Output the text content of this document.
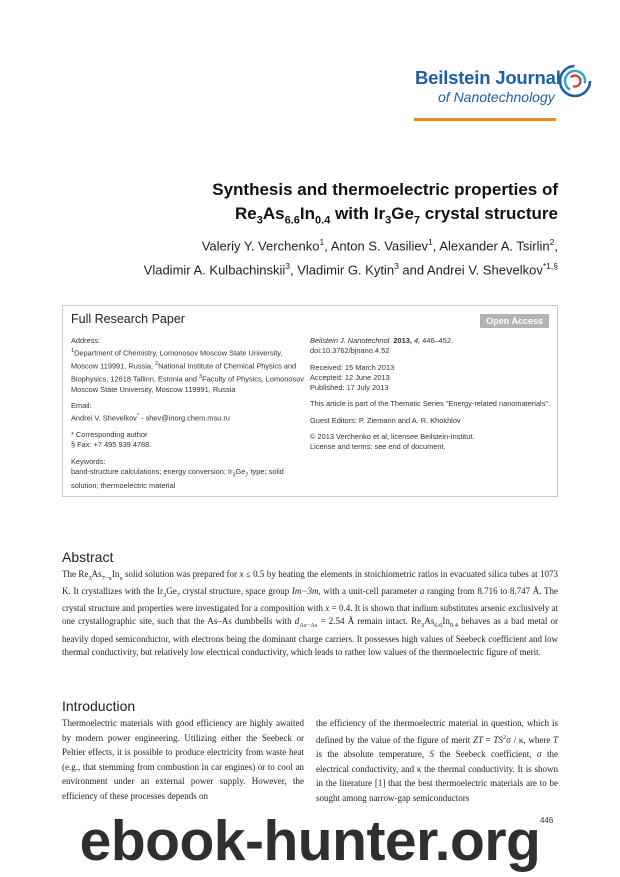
Beilstein Journal
of Nanotechnology
Synthesis and thermoelectric properties of
$Re_3As_{6.6}In_{0.4}$ with $Ir_3Ge_7$ crystal structure
Valeriy Y. Verchenko$^1$, Anton S. Vasiliev$^1$, Alexander A. Tsirlin$^2$,
Vladimir A. Kulbachinskii$^3$, Vladimir G. Kytin$^3$ and Andrei V. Shevelkov$^{*1,\S}$
Full Research Paper	Open Access

Address:
$^1$Department of Chemistry, Lomonosov Moscow State University, Moscow 119991, Russia, $^2$National Institute of Chemical Physics and Biophysics, 12618 Tallinn, Estonia and $^3$Faculty of Physics, Lomonosov Moscow State University, Moscow 119991, Russia

Email:
Andrei V. Shevelkov* - shev@inorg.chem.msu.ru

* Corresponding author
§ Fax: +7 495 939 4788.

Keywords:
band-structure calculations; energy conversion; $Ir_3Ge_7$ type; solid solution; thermoelectric material

Beilstein J. Nanotechnol. 2013, 4, 446–452.
doi:10.3762/bjnano.4.52

Received: 15 March 2013
Accepted: 12 June 2013
Published: 17 July 2013

This article is part of the Thematic Series "Energy-related nanomaterials".

Guest Editors: P. Ziemann and A. R. Khokhlov

© 2013 Verchenko et al; licensee Beilstein-Institut.
License and terms: see end of document.

Abstract
The $Re_3As_{7-x}In_x$ solid solution was prepared for x ≤ 0.5 by heating the elements in stoichiometric ratios in evacuated silica tubes at 1073 K. It crystallizes with the $Ir_3Ge_7$ crystal structure, space group Im−3m, with a unit-cell parameter a ranging from 8.716 to 8.747 Å. The crystal structure and properties were investigated for a composition with x = 0.4. It is shown that indium substitutes arsenic exclusively at one crystallographic site, such that the As–As dumbbells with $d_{As-As} = 2.54$ Å remain intact. $Re_3As_{6.6}In_{0.4}$ behaves as a bad metal or heavily doped semiconductor, with electrons being the dominant charge carriers. It possesses high values of Seebeck coefficient and low thermal conductivity, but relatively low electrical conductivity, which leads to rather low values of the thermoelectric figure of merit.
Introduction
Thermoelectric materials with good efficiency are highly awaited by modern power engineering. Utilizing either the Seebeck or Peltier effects, it is possible to produce electricity from waste heat (e.g., that stemming from combustion in car engines) or to cool an environment under an external power supply. However, the efficiency of these processes depends on
the efficiency of the thermoelectric material in question, which is defined by the value of the figure of merit ZT = $TS^2\sigma$ / κ, where T is the absolute temperature, S the Seebeck coefficient, σ the electrical conductivity, and κ the thermal conductivity. It is shown in the literature [1] that the best thermoelectric materials are to be sought among narrow-gap semiconductors
446
ebook-hunter.org
